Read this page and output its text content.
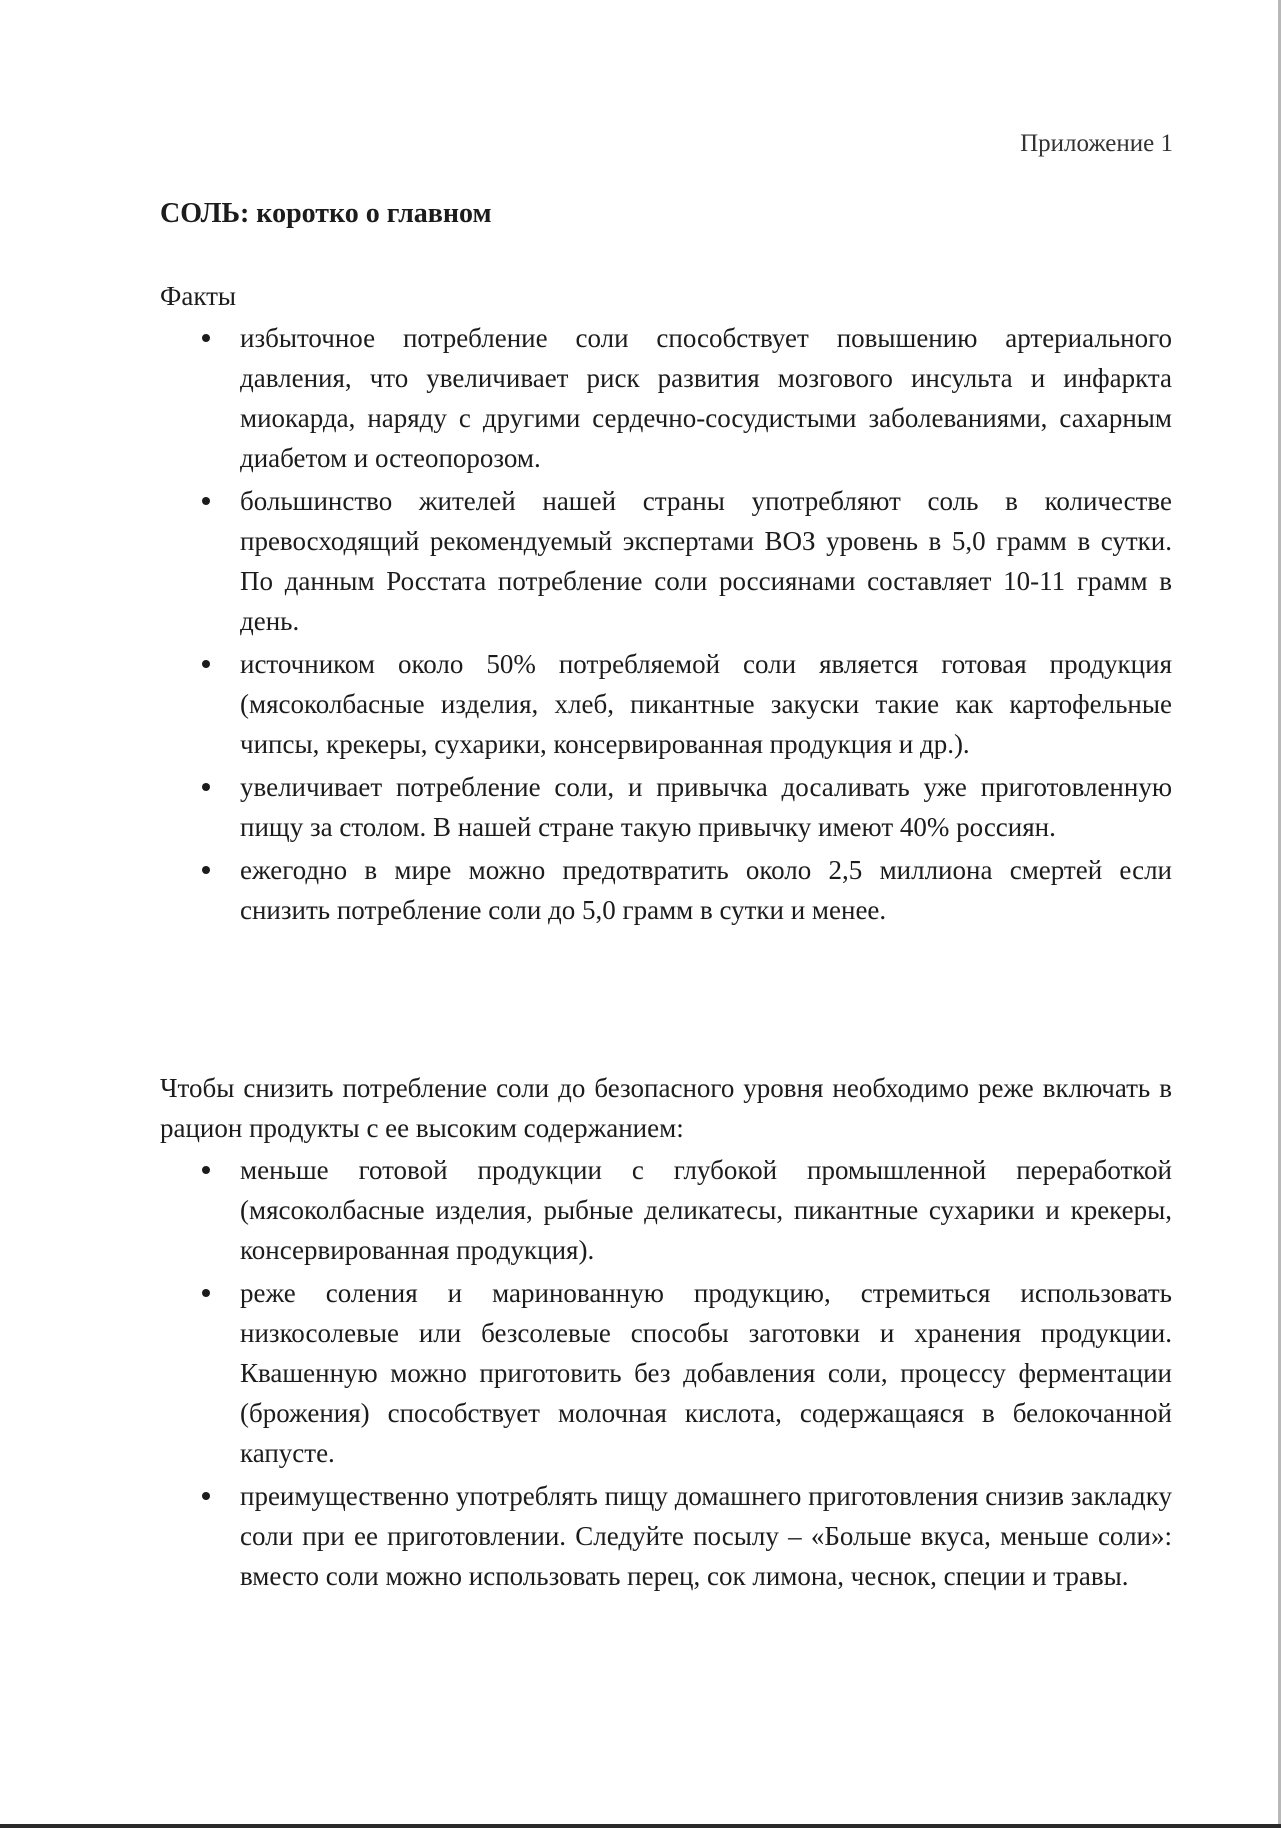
Приложение 1
СОЛЬ: коротко о главном
Факты
избыточное потребление соли способствует повышению артериального давления, что увеличивает риск развития мозгового инсульта и инфаркта миокарда, наряду с другими сердечно-сосудистыми заболеваниями, сахарным диабетом и остеопорозом.
большинство жителей нашей страны употребляют соль в количестве превосходящий рекомендуемый экспертами ВОЗ уровень в 5,0 грамм в сутки. По данным Росстата потребление соли россиянами составляет 10-11 грамм в день.
источником около 50% потребляемой соли является готовая продукция (мясоколбасные изделия, хлеб, пикантные закуски такие как картофельные чипсы, крекеры, сухарики, консервированная продукция и др.).
увеличивает потребление соли, и привычка досаливать уже приготовленную пищу за столом. В нашей стране такую привычку имеют 40% россиян.
ежегодно в мире можно предотвратить около 2,5 миллиона смертей если снизить потребление соли до 5,0 грамм в сутки и менее.

Чтобы снизить потребление соли до безопасного уровня необходимо реже включать в рацион продукты с ее высоким содержанием:

меньше готовой продукции с глубокой промышленной переработкой (мясоколбасные изделия, рыбные деликатесы, пикантные сухарики и крекеры, консервированная продукция).
реже соления и маринованную продукцию, стремиться использовать низкосолевые или безсолевые способы заготовки и хранения продукции. Квашенную можно приготовить без добавления соли, процессу ферментации (брожения) способствует молочная кислота, содержащаяся в белокочанной капусте.
преимущественно употреблять пищу домашнего приготовления снизив закладку соли при ее приготовлении. Следуйте посылу – «Больше вкуса, меньше соли»: вместо соли можно использовать перец, сок лимона, чеснок, специи и травы.
